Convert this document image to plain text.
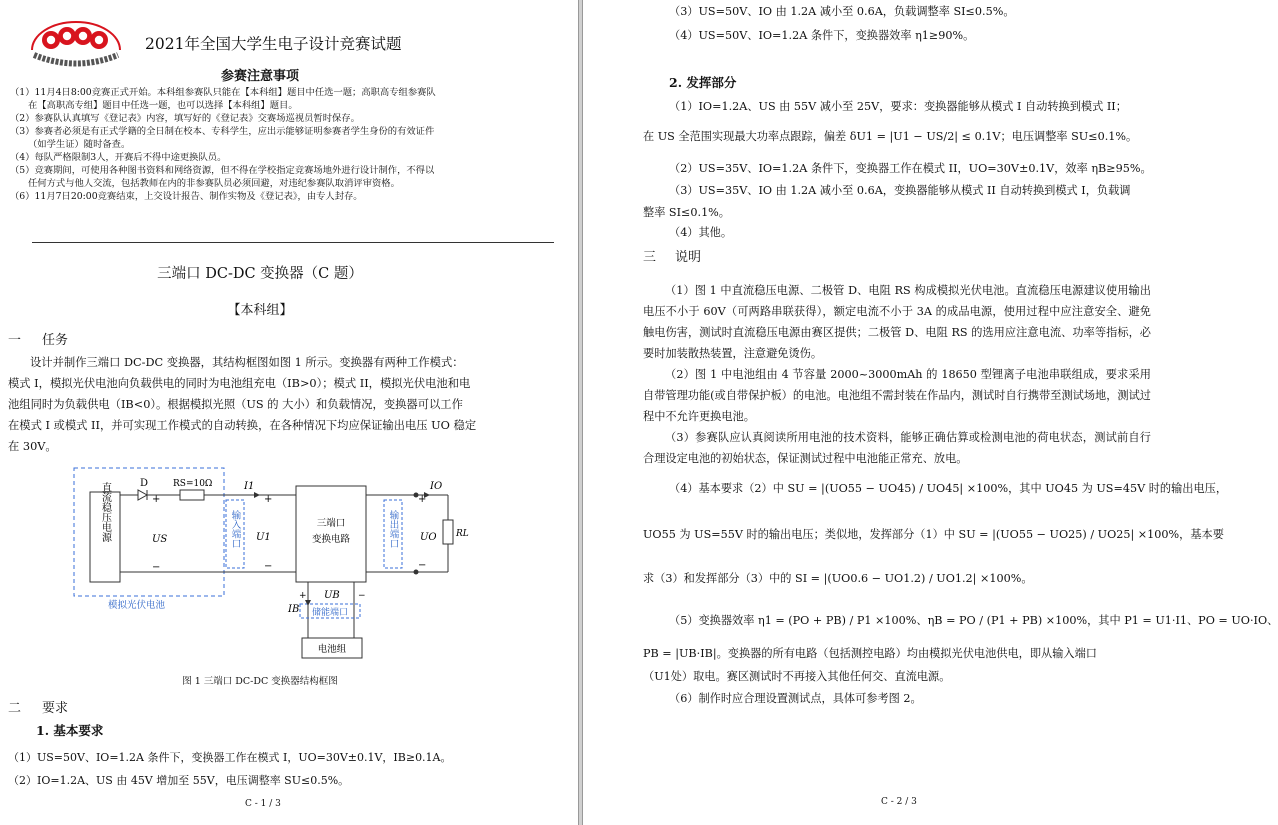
2021年全国大学生电子设计竞赛试题
参赛注意事项

（1）11月4日8:00竞赛正式开始。本科组参赛队只能在【本科组】题目中任选一题；高职高专组参赛队

在【高职高专组】题目中任选一题，也可以选择【本科组】题目。

（2）参赛队认真填写《登记表》内容，填写好的《登记表》交赛场巡视员暂时保存。

（3）参赛者必须是有正式学籍的全日制在校本、专科学生，应出示能够证明参赛者学生身份的有效证件

（如学生证）随时备查。

（4）每队严格限制3人，开赛后不得中途更换队员。

（5）竞赛期间，可使用各种图书资料和网络资源，但不得在学校指定竞赛场地外进行设计制作，不得以

任何方式与他人交流，包括教师在内的非参赛队员必须回避，对违纪参赛队取消评审资格。

（6）11月7日20:00竞赛结束，上交设计报告、制作实物及《登记表》，由专人封存。

三端口 DC-DC 变换器（C 题）
【本科组】
一 任务

设计并制作三端口 DC-DC 变换器，其结构框图如图 1 所示。变换器有两种工作模式：

模式 I，模拟光伏电池向负载供电的同时为电池组充电（IB>0）；模式 II，模拟光伏电池和电

池组同时为负载供电（IB<0）。根据模拟光照（US 的 大小）和负载情况，变换器可以工作

在模式 I 或模式 II，并可实现工作模式的自动转换，在各种情况下均应保证输出电压 UO 稳定

在 30V。

直流稳压电源	D	RS=10Ω	I1
+
−	−
+
US	U1
输入端口	三端口
变换电路	输出端口	RL
IO
+
−
UO
储能端口
UB
IB
+	−
电池组
模拟光伏电池
图 1 三端口 DC-DC 变换器结构框图
二 要求
1. 基本要求
（1）US=50V、IO=1.2A 条件下，变换器工作在模式 I，UO=30V±0.1V，IB≥0.1A。
（2）IO=1.2A、US 由 45V 增加至 55V，电压调整率 SU≤0.5%。
C - 1 / 3
（3）US=50V、IO 由 1.2A 减小至 0.6A，负载调整率 SI≤0.5%。
（4）US=50V、IO=1.2A 条件下，变换器效率 η1≥90%。
2. 发挥部分
（1）IO=1.2A、US 由 55V 减小至 25V，要求：变换器能够从模式 I 自动转换到模式 II；
在 US 全范围实现最大功率点跟踪，偏差 δU1 = |U1 − US/2| ≤ 0.1V；电压调整率 SU≤0.1%。
（2）US=35V、IO=1.2A 条件下，变换器工作在模式 II，UO=30V±0.1V，效率 ηB≥95%。
（3）US=35V、IO 由 1.2A 减小至 0.6A，变换器能够从模式 II 自动转换到模式 I，负载调
整率 SI≤0.1%。
（4）其他。
三 说明

（1）图 1 中直流稳压电源、二极管 D、电阻 RS 构成模拟光伏电池。直流稳压电源建议使用输出电压不小于 60V（可两路串联获得），额定电流不小于 3A 的成品电源，使用过程中应注意安全、避免触电伤害，测试时直流稳压电源由赛区提供；二极管 D、电阻 RS 的选用应注意电流、功率等指标，必要时加装散热装置，注意避免烫伤。

（2）图 1 中电池组由 4 节容量 2000~3000mAh 的 18650 型锂离子电池串联组成，要求采用自带管理功能(或自带保护板）的电池。电池组不需封装在作品内，测试时自行携带至测试场地，测试过程中不允许更换电池。

（3）参赛队应认真阅读所用电池的技术资料，能够正确估算或检测电池的荷电状态，测试前自行合理设定电池的初始状态，保证测试过程中电池能正常充、放电。

（4）基本要求（2）中 SU = |(UO55 − UO45) / UO45| ×100%，其中 UO45 为 US=45V 时的输出电压，
UO55 为 US=55V 时的输出电压；类似地，发挥部分（1）中 SU = |(UO55 − UO25) / UO25| ×100%，基本要
求（3）和发挥部分（3）中的 SI = |(UO0.6 − UO1.2) / UO1.2| ×100%。
（5）变换器效率 η1 = (PO + PB) / P1 ×100%、ηB = PO / (P1 + PB) ×100%，其中 P1 = U1·I1、PO = UO·IO、
PB = |UB·IB|。变换器的所有电路（包括测控电路）均由模拟光伏电池供电，即从输入端口
（U1处）取电。赛区测试时不再接入其他任何交、直流电源。
（6）制作时应合理设置测试点，具体可参考图 2。
C - 2 / 3
